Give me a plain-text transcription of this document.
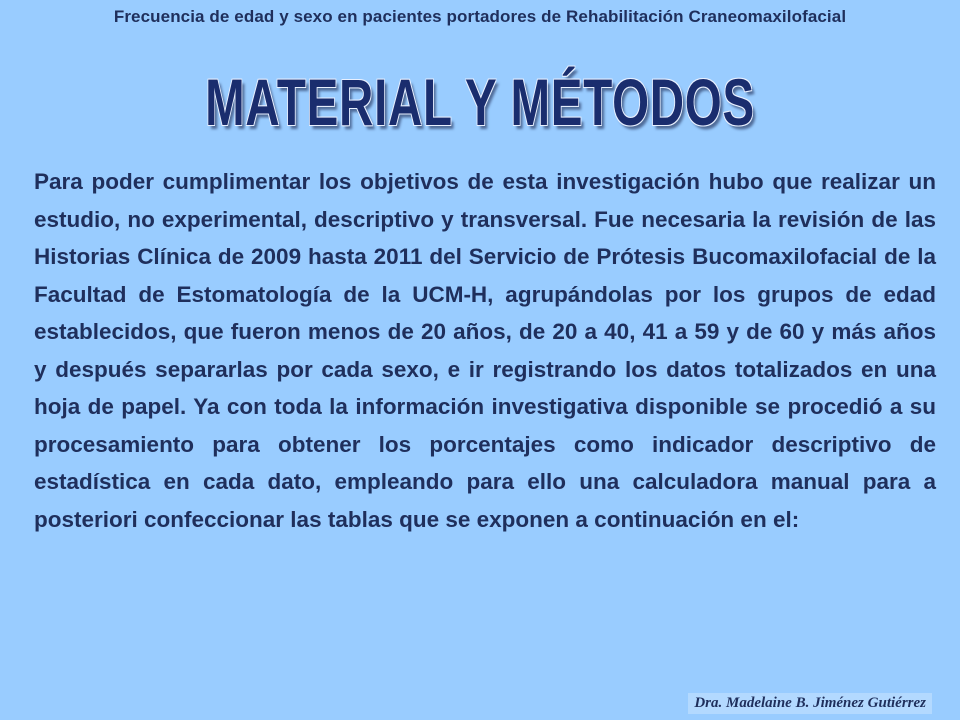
Frecuencia de edad y sexo en pacientes portadores de Rehabilitación Craneomaxilofacial
MATERIAL Y MÉTODOS

Para poder cumplimentar los objetivos de esta investigación hubo que realizar un estudio, no experimental, descriptivo y transversal. Fue necesaria la revisión de las Historias Clínica de 2009 hasta 2011 del Servicio de Prótesis Bucomaxilofacial de la Facultad de Estomatología de la UCM-H, agrupándolas por los grupos de edad establecidos, que fueron menos de 20 años, de 20 a 40, 41 a 59 y de 60 y más años y después separarlas por cada sexo, e ir registrando los datos totalizados en una hoja de papel. Ya con toda la información investigativa disponible se procedió a su procesamiento para obtener los porcentajes como indicador descriptivo de estadística en cada dato, empleando para ello una calculadora manual para a posteriori confeccionar las tablas que se exponen a continuación en el:

Dra. Madelaine B. Jiménez Gutiérrez
